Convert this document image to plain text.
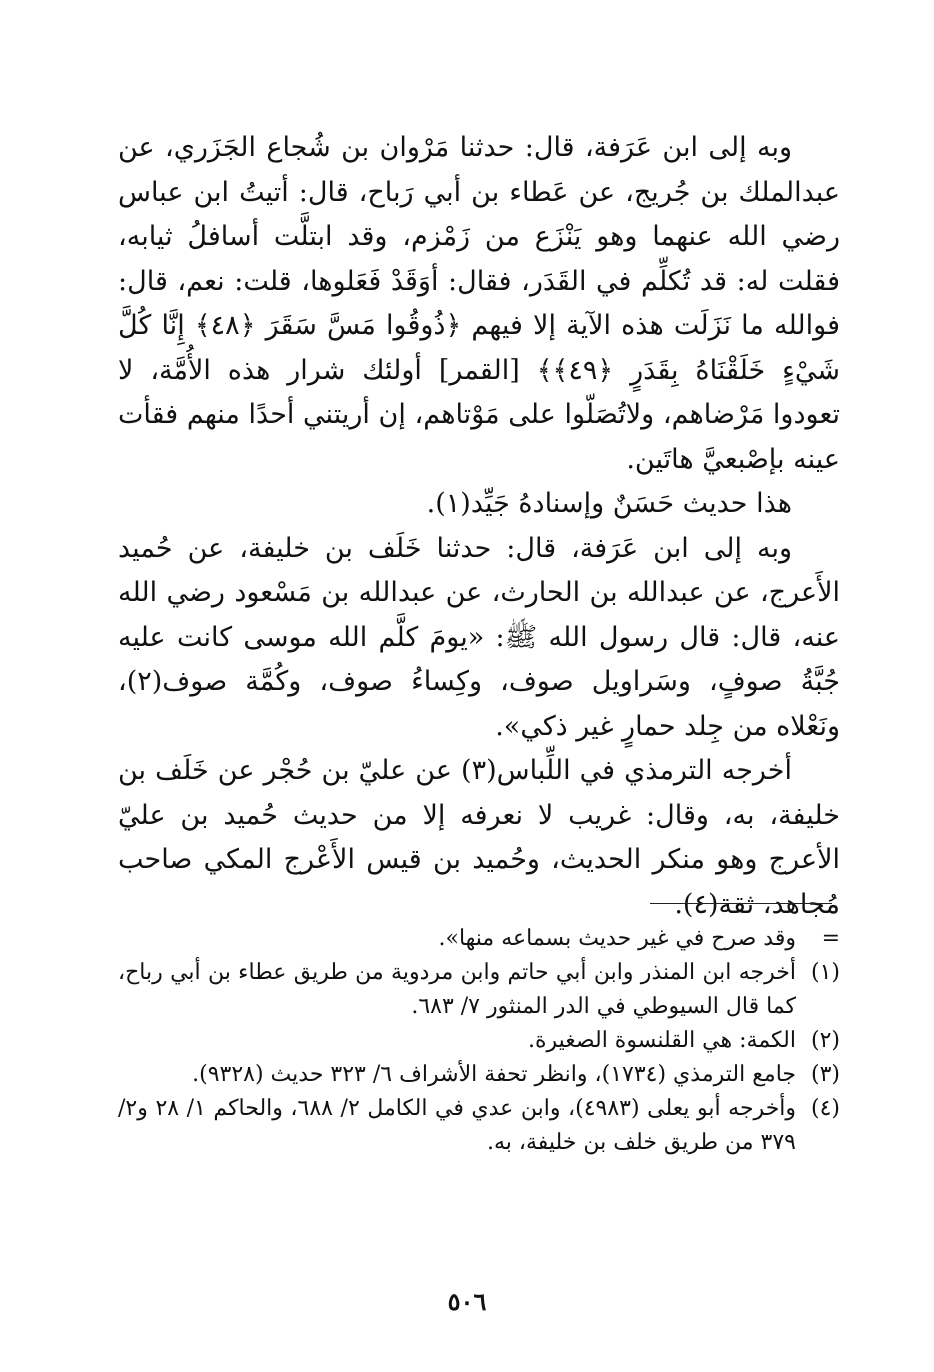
وبه إلى ابن عَرَفة، قال: حدثنا مَرْوان بن شُجاع الجَزَري، عن عبدالملك بن جُريج، عن عَطاء بن أبي رَباح، قال: أتيتُ ابن عباس رضي الله عنهما وهو يَنْزَع من زَمْزم، وقد ابتلَّت أسافلُ ثيابه، فقلت له: قد تُكلِّم في القَدَر، فقال: أوَقَدْ فَعَلوها، قلت: نعم، قال: فوالله ما نَزَلَت هذه الآية إلا فيهم ﴿ذُوقُوا مَسَّ سَقَرَ ﴿٤٨﴾ إِنَّا كُلَّ شَيْءٍ خَلَقْنَاهُ بِقَدَرٍ ﴿٤٩﴾﴾ [القمر] أولئك شرار هذه الأُمَّة، لا تعودوا مَرْضاهم، ولاتُصَلّوا على مَوْتاهم، إن أريتني أحدًا منهم فقأت عينه بإصْبعيَّ هاتَين.

هذا حديث حَسَنٌ وإسنادهُ جَيِّد(١).

وبه إلى ابن عَرَفة، قال: حدثنا خَلَف بن خليفة، عن حُميد الأَعرج، عن عبدالله بن الحارث، عن عبدالله بن مَسْعود رضي الله عنه، قال: قال رسول الله ﷺ: «يومَ كلَّم الله موسى كانت عليه جُبَّةُ صوفٍ، وسَراويل صوف، وكِساءُ صوف، وكُمَّة صوف(٢)، ونَعْلاه من جِلد حمارٍ غير ذكي».

أخرجه الترمذي في اللِّباس(٣) عن عليّ بن حُجْر عن خَلَف بن خليفة، به، وقال: غريب لا نعرفه إلا من حديث حُميد بن عليّ الأعرج وهو منكر الحديث، وحُميد بن قيس الأَعْرج المكي صاحب مُجاهد، ثقة(٤).

=
وقد صرح في غير حديث بسماعه منها».
(١)
أخرجه ابن المنذر وابن أبي حاتم وابن مردوية من طريق عطاء بن أبي رباح، كما قال السيوطي في الدر المنثور ٧/ ٦٨٣.
(٢)
الكمة: هي القلنسوة الصغيرة.
(٣)
جامع الترمذي (١٧٣٤)، وانظر تحفة الأشراف ٦/ ٣٢٣ حديث (٩٣٢٨).
(٤)
وأخرجه أبو يعلى (٤٩٨٣)، وابن عدي في الكامل ٢/ ٦٨٨، والحاكم ١/ ٢٨ و٢/ ٣٧٩ من طريق خلف بن خليفة، به.
٥٠٦
